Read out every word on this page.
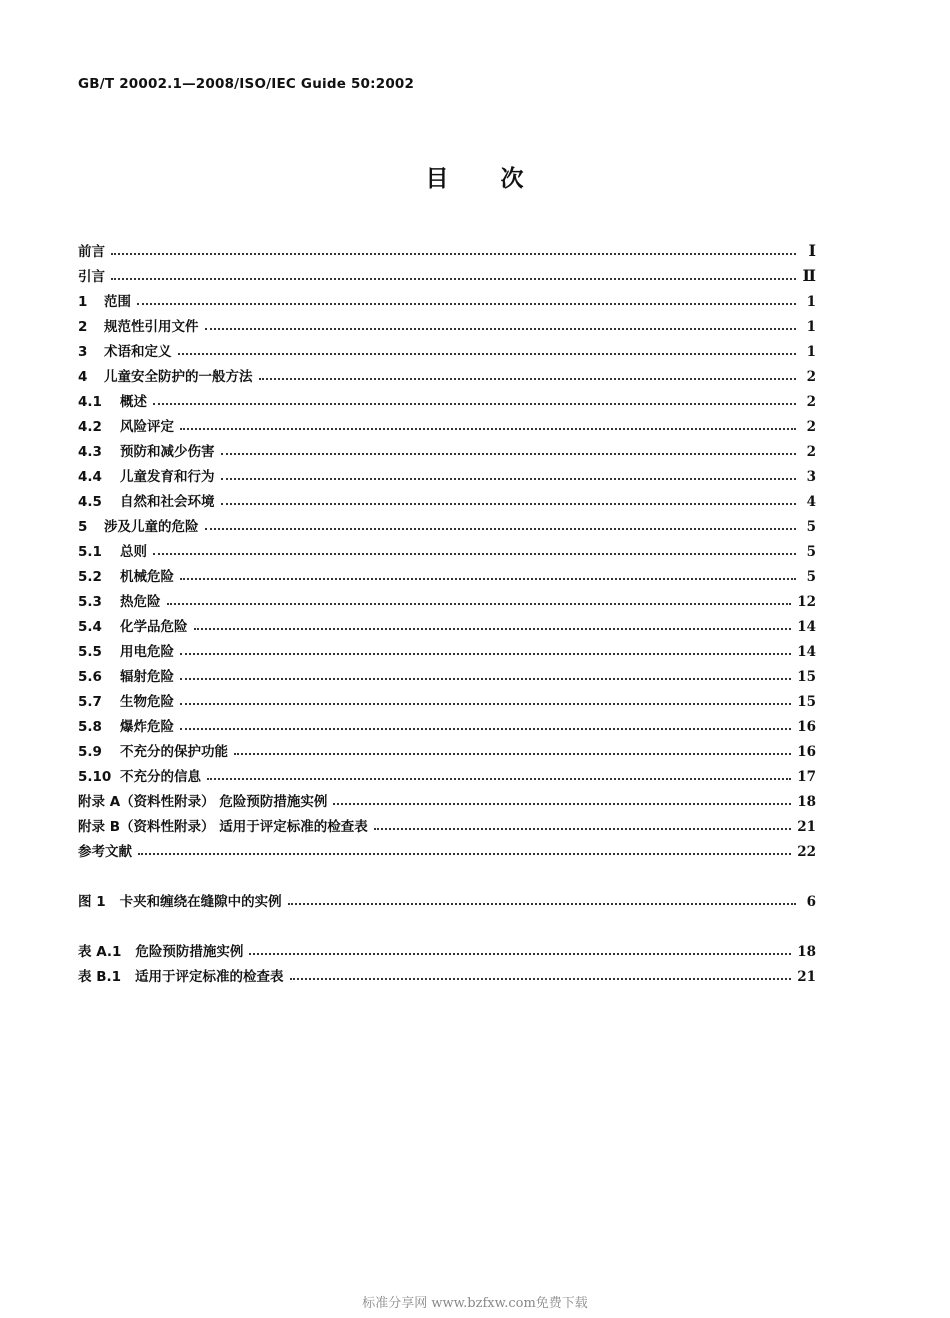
GB/T 20002.1—2008/ISO/IEC Guide 50:2002
目 次
前言	Ⅰ
引言	Ⅱ
1	范围	1
2	规范性引用文件	1
3	术语和定义	1
4	儿童安全防护的一般方法	2
4.1	概述	2
4.2	风险评定	2
4.3	预防和减少伤害	2
4.4	儿童发育和行为	3
4.5	自然和社会环境	4
5	涉及儿童的危险	5
5.1	总则	5
5.2	机械危险	5
5.3	热危险	12
5.4	化学品危险	14
5.5	用电危险	14
5.6	辐射危险	15
5.7	生物危险	15
5.8	爆炸危险	16
5.9	不充分的保护功能	16
5.10 不充分的信息	17
附录 A（资料性附录） 危险预防措施实例	18
附录 B（资料性附录） 适用于评定标准的检查表	21
参考文献	22
图 1	卡夹和缠绕在缝隙中的实例	6
表 A.1	危险预防措施实例	18
表 B.1	适用于评定标准的检查表	21
标准分享网 www.bzfxw.com免费下载
